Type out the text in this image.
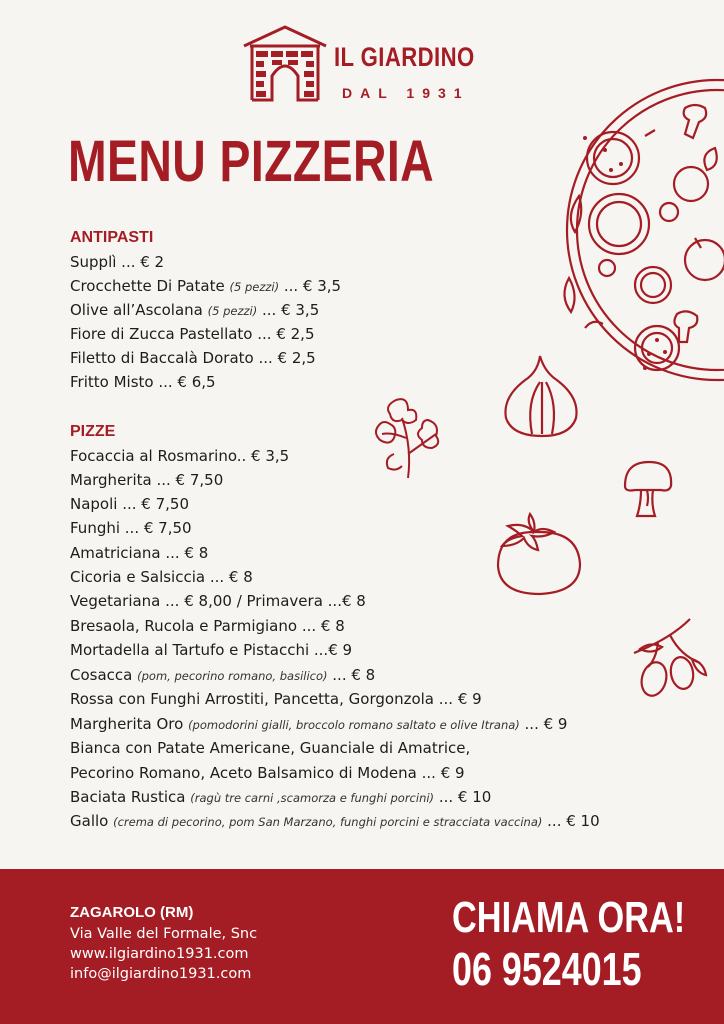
IL GIARDINO
DAL 1931
MENU PIZZERIA
ANTIPASTI
Supplì ... € 2
Crocchette Di Patate (5 pezzi) ... € 3,5
Olive all’Ascolana (5 pezzi) ... € 3,5
Fiore di Zucca Pastellato ... € 2,5
Filetto di Baccalà Dorato ... € 2,5
Fritto Misto ... € 6,5
PIZZE
Focaccia al Rosmarino.. € 3,5
Margherita ... € 7,50
Napoli ... € 7,50
Funghi ... € 7,50
Amatriciana ... € 8
Cicoria e Salsiccia ... € 8
Vegetariana ... € 8,00 / Primavera ...€ 8
Bresaola, Rucola e Parmigiano ... € 8
Mortadella al Tartufo e Pistacchi ...€ 9
Cosacca (pom, pecorino romano, basilico) ... € 8
Rossa con Funghi Arrostiti, Pancetta, Gorgonzola ... € 9
Margherita Oro (pomodorini gialli, broccolo romano saltato e olive Itrana) ... € 9
Bianca con Patate Americane, Guanciale di Amatrice,
Pecorino Romano, Aceto Balsamico di Modena ... € 9
Baciata Rustica (ragù tre carni ,scamorza e funghi porcini) ... € 10
Gallo (crema di pecorino, pom San Marzano, funghi porcini e stracciata vaccina) ... € 10
ZAGAROLO (RM)
Via Valle del Formale, Snc
www.ilgiardino1931.com
info@ilgiardino1931.com
CHIAMA ORA!
06 9524015
